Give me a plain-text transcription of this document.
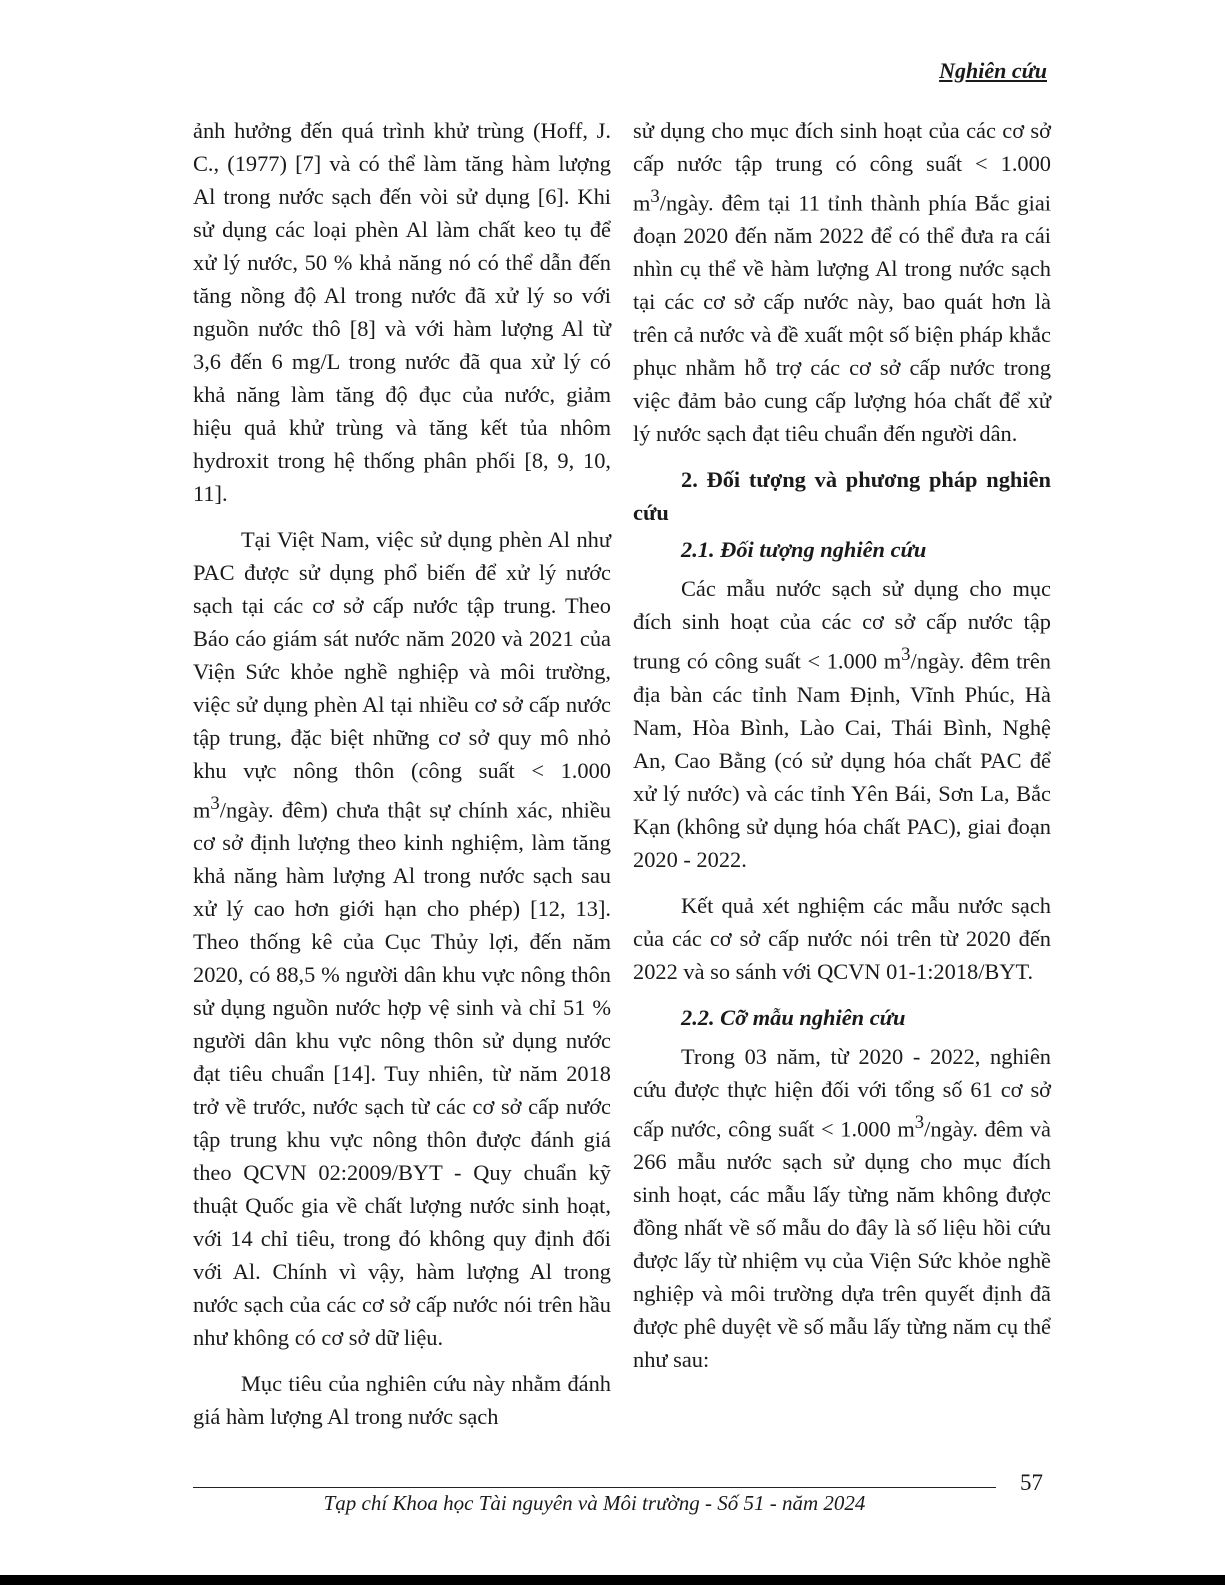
Nghiên cứu

ảnh hưởng đến quá trình khử trùng (Hoff, J. C., (1977) [7] và có thể làm tăng hàm lượng Al trong nước sạch đến vòi sử dụng [6]. Khi sử dụng các loại phèn Al làm chất keo tụ để xử lý nước, 50 % khả năng nó có thể dẫn đến tăng nồng độ Al trong nước đã xử lý so với nguồn nước thô [8] và với hàm lượng Al từ 3,6 đến 6 mg/L trong nước đã qua xử lý có khả năng làm tăng độ đục của nước, giảm hiệu quả khử trùng và tăng kết tủa nhôm hydroxit trong hệ thống phân phối [8, 9, 10, 11].

Tại Việt Nam, việc sử dụng phèn Al như PAC được sử dụng phổ biến để xử lý nước sạch tại các cơ sở cấp nước tập trung. Theo Báo cáo giám sát nước năm 2020 và 2021 của Viện Sức khỏe nghề nghiệp và môi trường, việc sử dụng phèn Al tại nhiều cơ sở cấp nước tập trung, đặc biệt những cơ sở quy mô nhỏ khu vực nông thôn (công suất < 1.000 $m^3$/ngày. đêm) chưa thật sự chính xác, nhiều cơ sở định lượng theo kinh nghiệm, làm tăng khả năng hàm lượng Al trong nước sạch sau xử lý cao hơn giới hạn cho phép) [12, 13]. Theo thống kê của Cục Thủy lợi, đến năm 2020, có 88,5 % người dân khu vực nông thôn sử dụng nguồn nước hợp vệ sinh và chỉ 51 % người dân khu vực nông thôn sử dụng nước đạt tiêu chuẩn [14]. Tuy nhiên, từ năm 2018 trở về trước, nước sạch từ các cơ sở cấp nước tập trung khu vực nông thôn được đánh giá theo QCVN 02:2009/BYT - Quy chuẩn kỹ thuật Quốc gia về chất lượng nước sinh hoạt, với 14 chỉ tiêu, trong đó không quy định đối với Al. Chính vì vậy, hàm lượng Al trong nước sạch của các cơ sở cấp nước nói trên hầu như không có cơ sở dữ liệu.

Mục tiêu của nghiên cứu này nhằm đánh giá hàm lượng Al trong nước sạch

sử dụng cho mục đích sinh hoạt của các cơ sở cấp nước tập trung có công suất < 1.000 $m^3$/ngày. đêm tại 11 tỉnh thành phía Bắc giai đoạn 2020 đến năm 2022 để có thể đưa ra cái nhìn cụ thể về hàm lượng Al trong nước sạch tại các cơ sở cấp nước này, bao quát hơn là trên cả nước và đề xuất một số biện pháp khắc phục nhằm hỗ trợ các cơ sở cấp nước trong việc đảm bảo cung cấp lượng hóa chất để xử lý nước sạch đạt tiêu chuẩn đến người dân.

2. Đối tượng và phương pháp nghiên cứu
2.1. Đối tượng nghiên cứu

Các mẫu nước sạch sử dụng cho mục đích sinh hoạt của các cơ sở cấp nước tập trung có công suất < 1.000 $m^3$/ngày. đêm trên địa bàn các tỉnh Nam Định, Vĩnh Phúc, Hà Nam, Hòa Bình, Lào Cai, Thái Bình, Nghệ An, Cao Bằng (có sử dụng hóa chất PAC để xử lý nước) và các tỉnh Yên Bái, Sơn La, Bắc Kạn (không sử dụng hóa chất PAC), giai đoạn 2020 - 2022.

Kết quả xét nghiệm các mẫu nước sạch của các cơ sở cấp nước nói trên từ 2020 đến 2022 và so sánh với QCVN 01-1:2018/BYT.

2.2. Cỡ mẫu nghiên cứu

Trong 03 năm, từ 2020 - 2022, nghiên cứu được thực hiện đối với tổng số 61 cơ sở cấp nước, công suất < 1.000 $m^3$/ngày. đêm và 266 mẫu nước sạch sử dụng cho mục đích sinh hoạt, các mẫu lấy từng năm không được đồng nhất về số mẫu do đây là số liệu hồi cứu được lấy từ nhiệm vụ của Viện Sức khỏe nghề nghiệp và môi trường dựa trên quyết định đã được phê duyệt về số mẫu lấy từng năm cụ thể như sau:

57
Tạp chí Khoa học Tài nguyên và Môi trường - Số 51 - năm 2024
